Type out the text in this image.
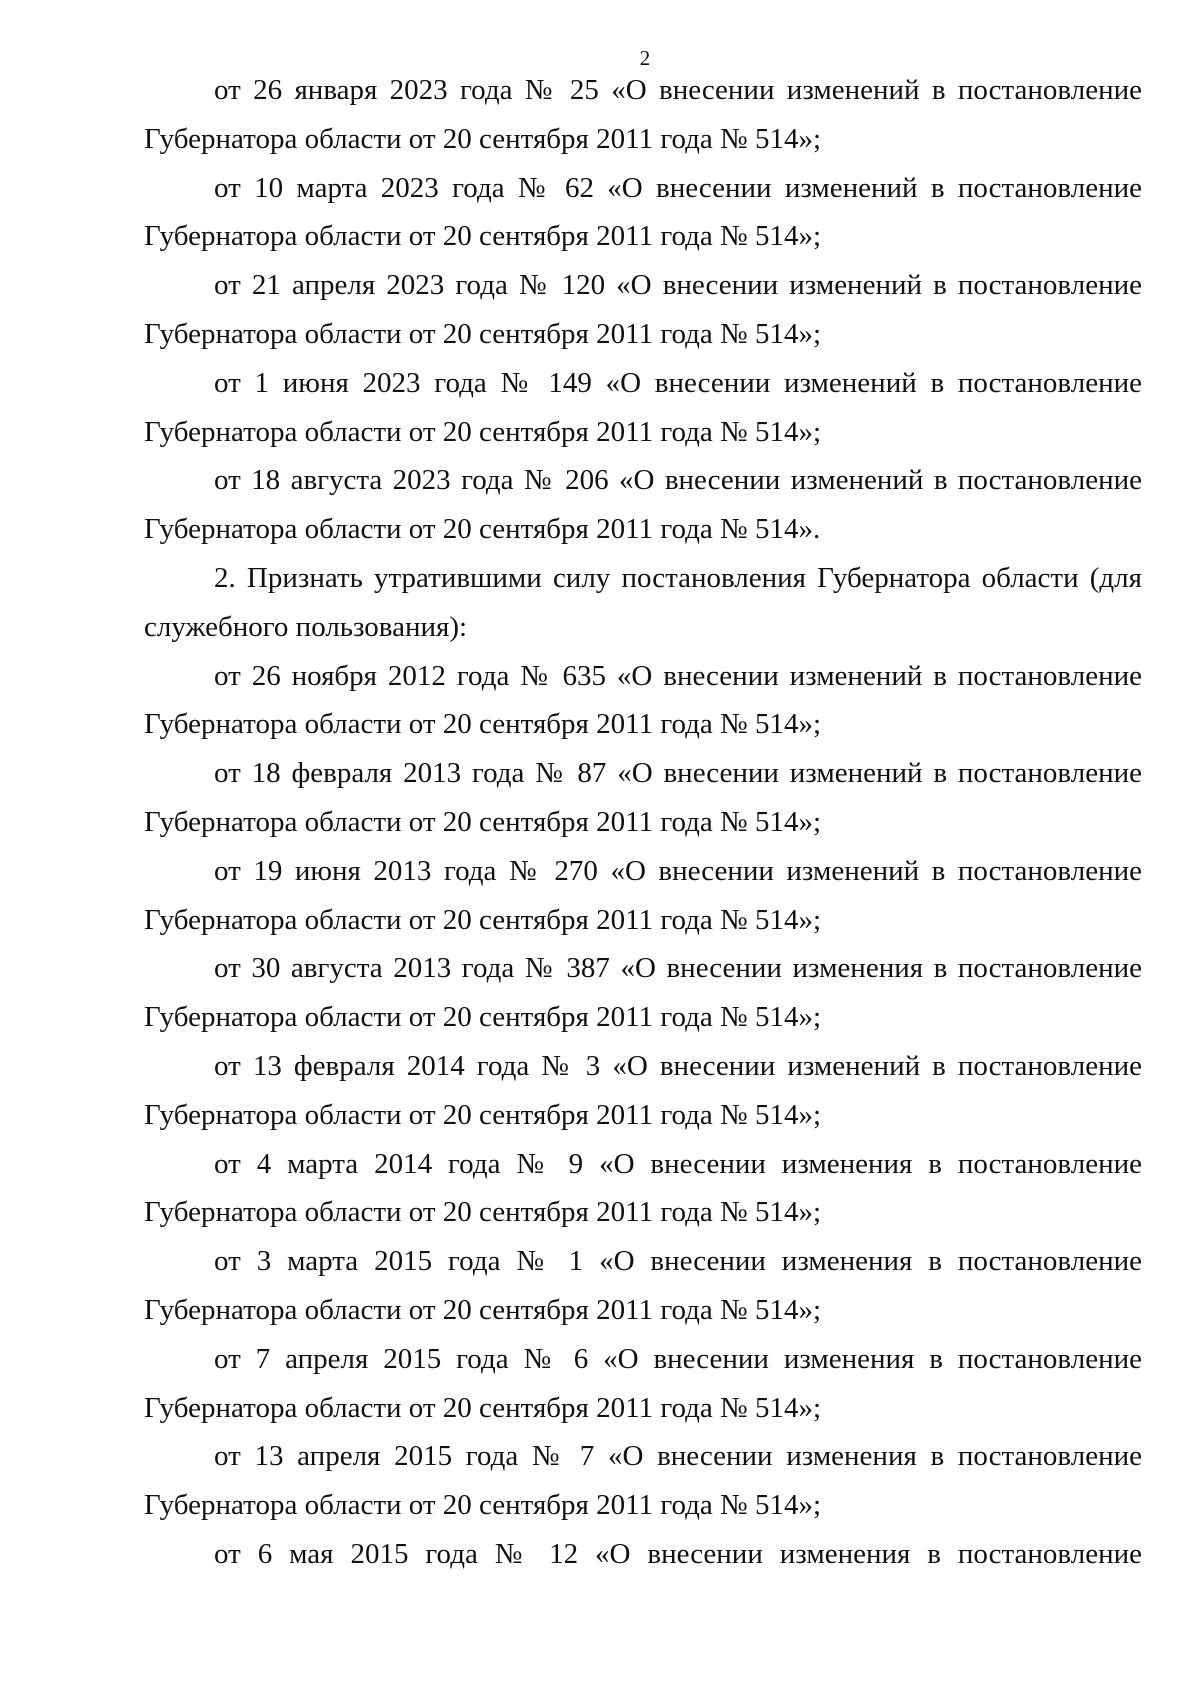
2

от 26 января 2023 года № 25 «О внесении изменений в постановление

Губернатора области от 20 сентября 2011 года № 514»;

от 10 марта 2023 года № 62 «О внесении изменений в постановление

Губернатора области от 20 сентября 2011 года № 514»;

от 21 апреля 2023 года № 120 «О внесении изменений в постановление

Губернатора области от 20 сентября 2011 года № 514»;

от 1 июня 2023 года № 149 «О внесении изменений в постановление

Губернатора области от 20 сентября 2011 года № 514»;

от 18 августа 2023 года № 206 «О внесении изменений в постановление

Губернатора области от 20 сентября 2011 года № 514».

2. Признать утратившими силу постановления Губернатора области (для

служебного пользования):

от 26 ноября 2012 года № 635 «О внесении изменений в постановление

Губернатора области от 20 сентября 2011 года № 514»;

от 18 февраля 2013 года № 87 «О внесении изменений в постановление

Губернатора области от 20 сентября 2011 года № 514»;

от 19 июня 2013 года № 270 «О внесении изменений в постановление

Губернатора области от 20 сентября 2011 года № 514»;

от 30 августа 2013 года № 387 «О внесении изменения в постановление

Губернатора области от 20 сентября 2011 года № 514»;

от 13 февраля 2014 года № 3 «О внесении изменений в постановление

Губернатора области от 20 сентября 2011 года № 514»;

от 4 марта 2014 года № 9 «О внесении изменения в постановление

Губернатора области от 20 сентября 2011 года № 514»;

от 3 марта 2015 года № 1 «О внесении изменения в постановление

Губернатора области от 20 сентября 2011 года № 514»;

от 7 апреля 2015 года № 6 «О внесении изменения в постановление

Губернатора области от 20 сентября 2011 года № 514»;

от 13 апреля 2015 года № 7 «О внесении изменения в постановление

Губернатора области от 20 сентября 2011 года № 514»;

от 6 мая 2015 года № 12 «О внесении изменения в постановление
